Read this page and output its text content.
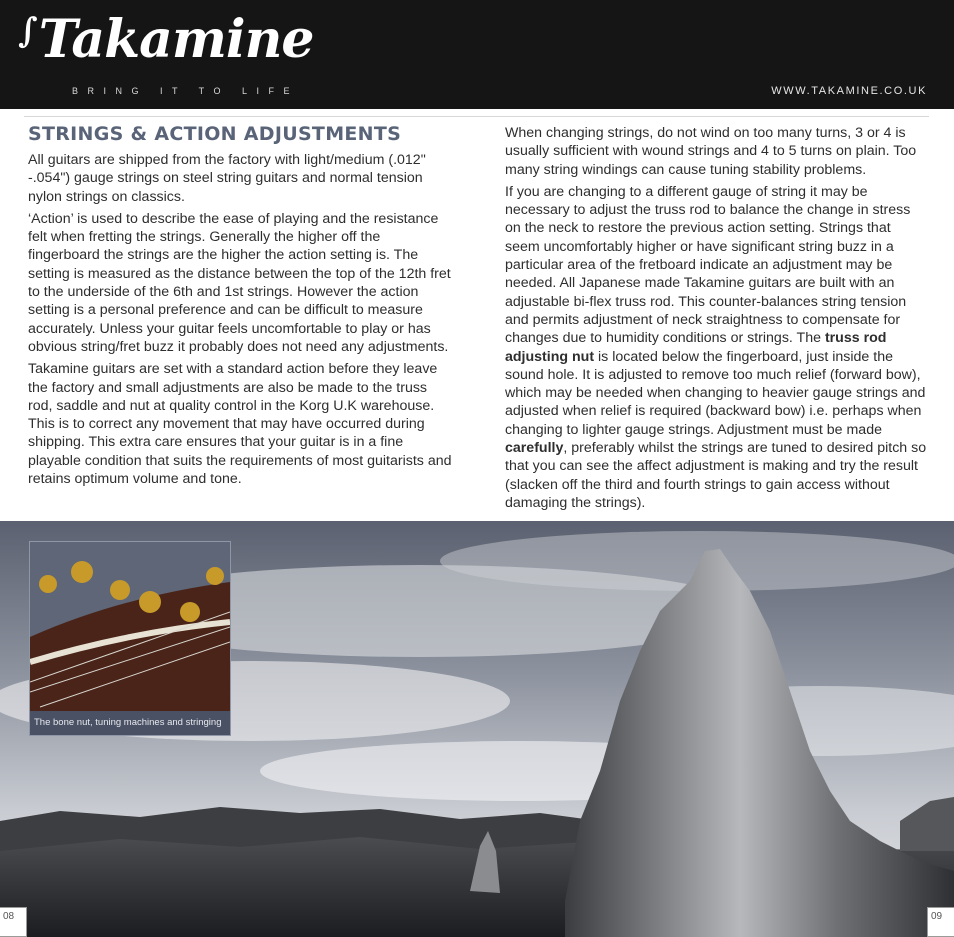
∫Takamine
BRING IT TO LIFE	WWW.TAKAMINE.CO.UK
STRINGS & ACTION ADJUSTMENTS

All guitars are shipped from the factory with light/medium (.012" -.054") gauge strings on steel string guitars and normal tension nylon strings on classics.

‘Action’ is used to describe the ease of playing and the resistance felt when fretting the strings. Generally the higher off the fingerboard the strings are the higher the action setting is. The setting is measured as the distance between the top of the 12th fret to the underside of the 6th and 1st strings. However the action setting is a personal preference and can be difficult to measure accurately. Unless your guitar feels uncomfortable to play or has obvious string/fret buzz it probably does not need any adjustments.

Takamine guitars are set with a standard action before they leave the factory and small adjustments are also be made to the truss rod, saddle and nut at quality control in the Korg U.K warehouse. This is to correct any movement that may have occurred during shipping. This extra care ensures that your guitar is in a fine playable condition that suits the requirements of most guitarists and retains optimum volume and tone.

When changing strings, do not wind on too many turns, 3 or 4 is usually sufficient with wound strings and 4 to 5 turns on plain. Too many string windings can cause tuning stability problems.

If you are changing to a different gauge of string it may be necessary to adjust the truss rod to balance the change in stress on the neck to restore the previous action setting. Strings that seem uncomfortably higher or have significant string buzz in a particular area of the fretboard indicate an adjustment may be needed. All Japanese made Takamine guitars are built with an adjustable bi-flex truss rod. This counter-balances string tension and permits adjustment of neck straightness to compensate for changes due to humidity conditions or strings. The truss rod adjusting nut is located below the fingerboard, just inside the sound hole. It is adjusted to remove too much relief (forward bow), which may be needed when changing to heavier gauge strings and adjusted when relief is required (backward bow) i.e. perhaps when changing to lighter gauge strings. Adjustment must be made carefully, preferably whilst the strings are tuned to desired pitch so that you can see the affect adjustment is making and try the result (slacken off the third and fourth strings to gain access without damaging the strings).

The bone nut, tuning machines and stringing
08	09
